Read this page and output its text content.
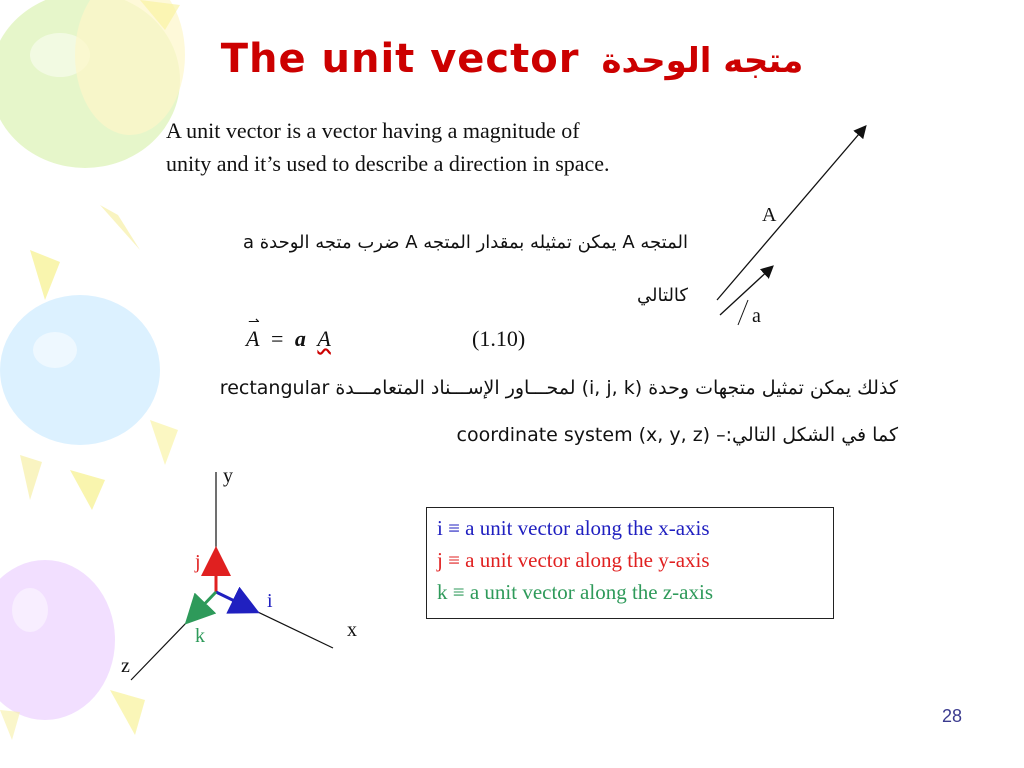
The unit vector متجه الوحدة
A unit vector is a vector having a magnitude of
unity and it’s used to describe a direction in space.
المتجه A يمكن تمثيله بمقدار المتجه A ضرب متجه الوحدة a
كالتالي
⇀
A = a A	(1.10)
كذلك يمكن تمثيل متجهات وحدة (i, j, k) لمحـــاور الإســـناد المتعامـــدة rectangular
كما في الشكل التالي:– (x, y, z) coordinate system
A
a
y
x
z
j
i
k
i ≡ a unit vector along the x-axis
j ≡ a unit vector along the y-axis
k ≡ a unit vector along the z-axis
28
